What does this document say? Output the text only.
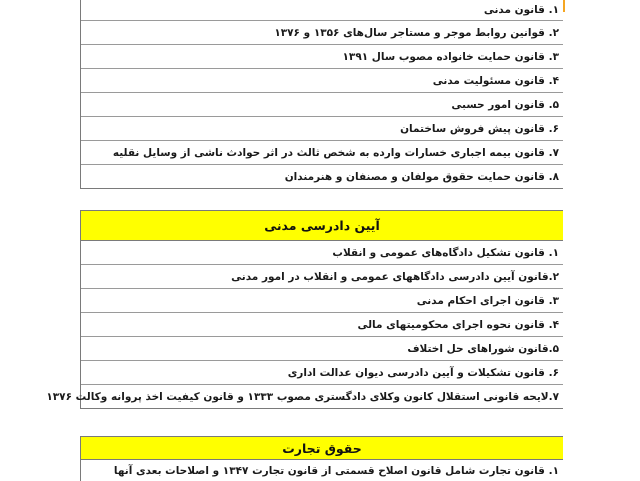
۱. قانون مدنی
۲. قوانین روابط موجر و مستاجر سال‌های ۱۳۵۶ و ۱۳۷۶
۳. قانون حمایت خانواده مصوب سال ۱۳۹۱
۴. قانون مسئولیت مدنی
۵. قانون امور حسبی
۶. قانون پیش فروش ساختمان
۷. قانون بیمه اجباری خسارات وارده به شخص ثالث در اثر حوادث ناشی از وسایل نقلیه
۸. قانون حمایت حقوق مولفان و مصنفان و هنرمندان
آیین دادرسی مدنی
۱. قانون تشکیل دادگاه‌های عمومی و انقلاب
۲.قانون آیین دادرسی دادگاههای عمومی و انقلاب در امور مدنی
۳. قانون اجرای احکام مدنی
۴. قانون نحوه اجرای محکومیتهای مالی
۵.قانون شوراهای حل اختلاف
۶. قانون تشکیلات و آیین دادرسی دیوان عدالت اداری
۷.لایحه قانونی استقلال کانون وکلای دادگستری مصوب ۱۳۳۳ و قانون کیفیت اخذ پروانه وکالت ۱۳۷۶
حقوق تجارت
۱. قانون تجارت شامل قانون اصلاح قسمتی از قانون تجارت ۱۳۴۷ و اصلاحات بعدی آنها
